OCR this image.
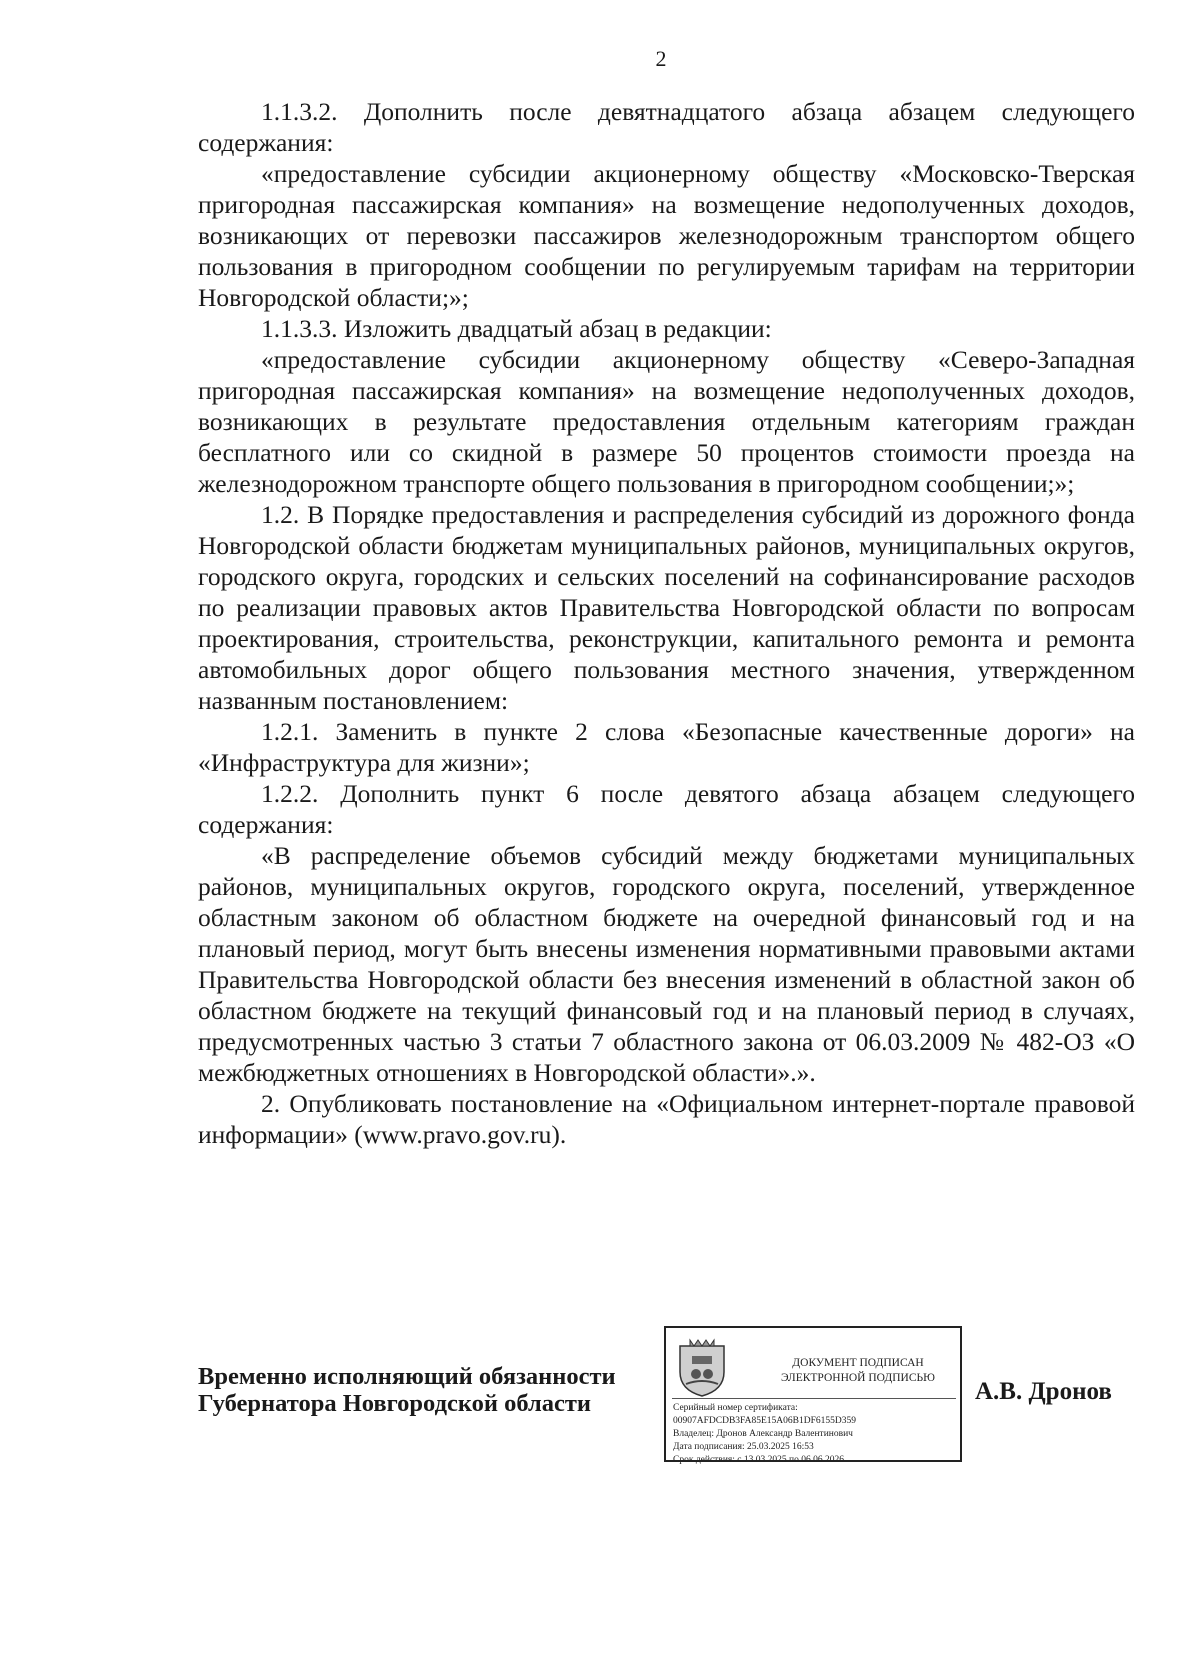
2

1.1.3.2. Дополнить после девятнадцатого абзаца абзацем следующего содержания:

«предоставление субсидии акционерному обществу «Московско-Тверская пригородная пассажирская компания» на возмещение недополученных доходов, возникающих от перевозки пассажиров железнодорожным транспортом общего пользования в пригородном сообщении по регулируемым тарифам на территории Новгородской области;»;

1.1.3.3. Изложить двадцатый абзац в редакции:

«предоставление субсидии акционерному обществу «Северо-Западная пригородная пассажирская компания» на возмещение недополученных доходов, возникающих в результате предоставления отдельным категориям граждан бесплатного или со скидной в размере 50 процентов стоимости проезда на железнодорожном транспорте общего пользования в пригородном сообщении;»;

1.2. В Порядке предоставления и распределения субсидий из дорожного фонда Новгородской области бюджетам муниципальных районов, муниципальных округов, городского округа, городских и сельских поселений на софинансирование расходов по реализации правовых актов Правительства Новгородской области по вопросам проектирования, строительства, реконструкции, капитального ремонта и ремонта автомобильных дорог общего пользования местного значения, утвержденном названным постановлением:

1.2.1. Заменить в пункте 2 слова «Безопасные качественные дороги» на «Инфраструктура для жизни»;

1.2.2. Дополнить пункт 6 после девятого абзаца абзацем следующего содержания:

«В распределение объемов субсидий между бюджетами муниципальных районов, муниципальных округов, городского округа, поселений, утвержденное областным законом об областном бюджете на очередной финансовый год и на плановый период, могут быть внесены изменения нормативными правовыми актами Правительства Новгородской области без внесения изменений в областной закон об областном бюджете на текущий финансовый год и на плановый период в случаях, предусмотренных частью 3 статьи 7 областного закона от 06.03.2009 № 482-ОЗ «О межбюджетных отношениях в Новгородской области».».

2. Опубликовать постановление на «Официальном интернет-портале правовой информации» (www.pravo.gov.ru).

Временно исполняющий обязанности
Губернатора Новгородской области
ДОКУМЕНТ ПОДПИСАН
ЭЛЕКТРОННОЙ ПОДПИСЬЮ
Серийный номер сертификата:
00907AFDCDB3FA85E15A06B1DF6155D359
Владелец: Дронов Александр Валентинович
Дата подписания: 25.03.2025 16:53
Срок действия: с 13.03.2025 по 06.06.2026
А.В. Дронов
